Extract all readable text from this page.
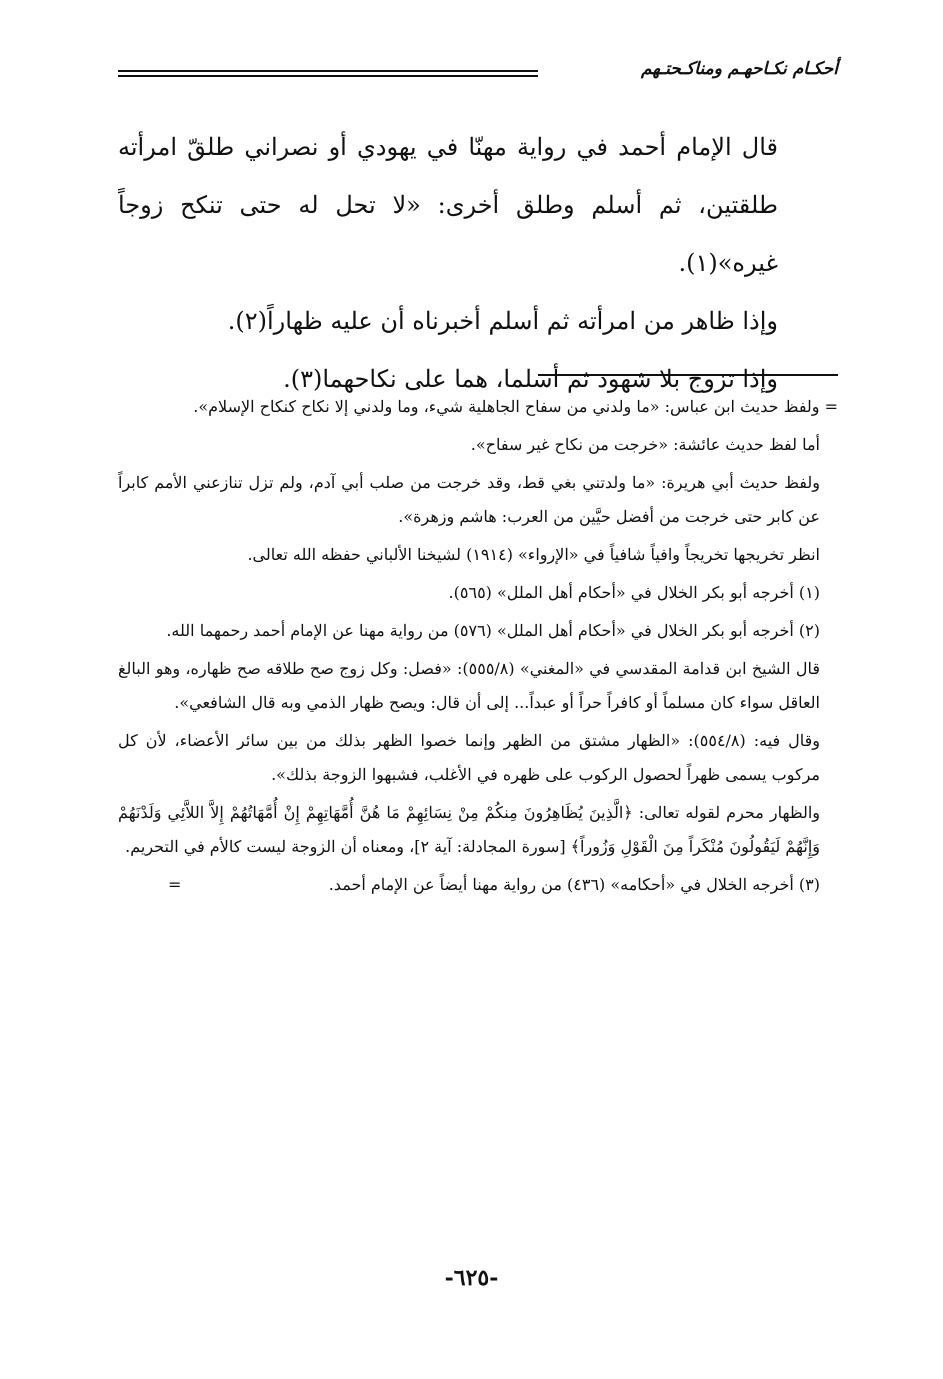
أحكـام نكـاحهـم ومناكـحتـهم

قال الإمام أحمد في رواية مهنّا في يهودي أو نصراني طلقّ امرأته طلقتين، ثم أسلم وطلق أخرى: «لا تحل له حتى تنكح زوجاً غيره»(١).

وإذا ظاهر من امرأته ثم أسلم أخبرناه أن عليه ظهاراً(٢).

وإذا تزوج بلا شهود ثم أسلما، هما على نكاحهما(٣).

= ولفظ حديث ابن عباس: «ما ولدني من سفاح الجاهلية شيء، وما ولدني إلا نكاح كنكاح الإسلام».

أما لفظ حديث عائشة: «خرجت من نكاح غير سفاح».

ولفظ حديث أبي هريرة: «ما ولدتني بغي قط، وقد خرجت من صلب أبي آدم، ولم تزل تنازعني الأمم كابراً عن كابر حتى خرجت من أفضل حيَّين من العرب: هاشم وزهرة».

انظر تخريجها تخريجاً وافياً شافياً في «الإرواء» (١٩١٤) لشيخنا الألباني حفظه الله تعالى.

(١) أخرجه أبو بكر الخلال في «أحكام أهل الملل» (٥٦٥).

(٢) أخرجه أبو بكر الخلال في «أحكام أهل الملل» (٥٧٦) من رواية مهنا عن الإمام أحمد رحمهما الله.

قال الشيخ ابن قدامة المقدسي في «المغني» (٥٥٥/٨): «فصل: وكل زوج صح طلاقه صح ظهاره، وهو البالغ العاقل سواء كان مسلماً أو كافراً حراً أو عبداً... إلى أن قال: ويصح ظهار الذمي وبه قال الشافعي».

وقال فيه: (٥٥٤/٨): «الظهار مشتق من الظهر وإنما خصوا الظهر بذلك من بين سائر الأعضاء، لأن كل مركوب يسمى ظهراً لحصول الركوب على ظهره في الأغلب، فشبهوا الزوجة بذلك».

والظهار محرم لقوله تعالى: ﴿الَّذِينَ يُظَاهِرُونَ مِنكُمْ مِنْ نِسَائِهِمْ مَا هُنَّ أُمَّهَاتِهِمْ إِنْ أُمَّهَاتُهُمْ إِلاَّ اللاَّئِي وَلَدْنَهُمْ وَإِنَّهُمْ لَيَقُولُونَ مُنْكَراً مِنَ الْقَوْلِ وَزُوراً﴾ [سورة المجادلة: آية ٢]، ومعناه أن الزوجة ليست كالأم في التحريم.

(٣) أخرجه الخلال في «أحكامه» (٤٣٦) من رواية مهنا أيضاً عن الإمام أحمد.
=

-٦٢٥-
